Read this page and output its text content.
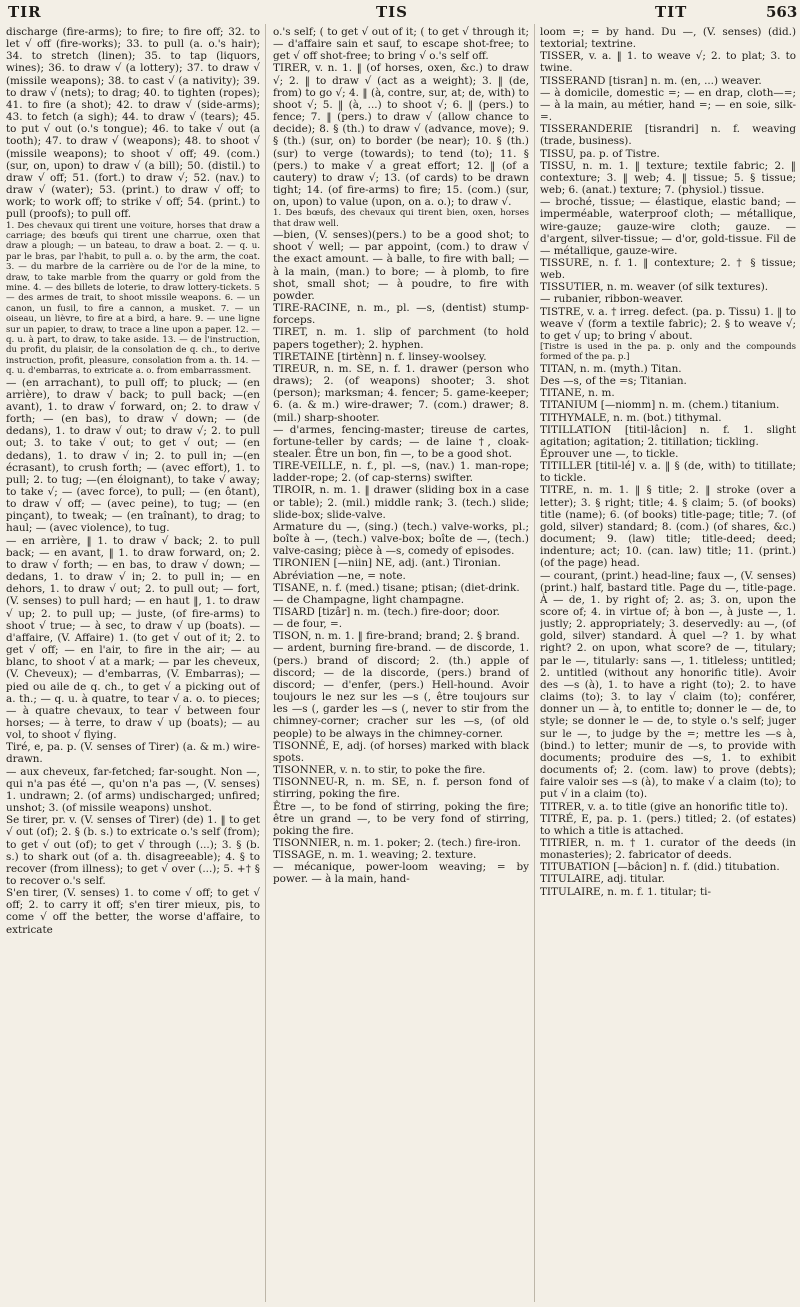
TIR	TIS	TIT	563

discharge (fire-arms); to fire; to fire off; 32. to let √ off (fire-works); 33. to pull (a. o.'s hair); 34. to stretch (linen); 35. to tap (liquors, wines); 36. to draw √ (a lottery); 37. to draw √ (missile weapons); 38. to cast √ (a nativity); 39. to draw √ (nets); to drag; 40. to tighten (ropes); 41. to fire (a shot); 42. to draw √ (side-arms); 43. to fetch (a sigh); 44. to draw √ (tears); 45. to put √ out (o.'s tongue); 46. to take √ out (a tooth); 47. to draw √ (weapons); 48. to shoot √ (missile weapons); to shoot √ off; 49. (com.) (sur, on, upon) to draw √ (a bill); 50. (distil.) to draw √ off; 51. (fort.) to draw √; 52. (nav.) to draw √ (water); 53. (print.) to draw √ off; to work; to work off; to strike √ off; 54. (print.) to pull (proofs); to pull off.

1. Des chevaux qui tirent une voiture, horses that draw a carriage; des bœufs qui tirent une charrue, oxen that draw a plough; — un bateau, to draw a boat. 2. — q. u. par le bras, par l'habit, to pull a. o. by the arm, the coat. 3. — du marbre de la carrière ou de l'or de la mine, to draw, to take marble from the quarry or gold from the mine. 4. — des billets de loterie, to draw lottery-tickets. 5 — des armes de trait, to shoot missile weapons. 6. — un canon, un fusil, to fire a cannon, a musket. 7. — un oiseau, un lièvre, to fire at a bird, a hare. 9. — une ligne sur un papier, to draw, to trace a line upon a paper. 12. — q. u. à part, to draw, to take aside. 13. — de l'instruction, du profit, du plaisir, de la consolation de q. ch., to derive instruction, profit, pleasure, consolation from a. th. 14. — q. u. d'embarras, to extricate a. o. from embarrassment.

— (en arrachant), to pull off; to pluck; — (en arrière), to draw √ back; to pull back; —(en avant), 1. to draw √ forward, on; 2. to draw √ forth; — (en bas), to draw √ down; — (de dedans), 1. to draw √ out; to draw √; 2. to pull out; 3. to take √ out; to get √ out; — (en dedans), 1. to draw √ in; 2. to pull in; —(en écrasant), to crush forth; — (avec effort), 1. to pull; 2. to tug; —(en éloignant), to take √ away; to take √; — (avec force), to pull; — (en ôtant), to draw √ off; — (avec peine), to tug; — (en pinçant), to tweak; — (en traînant), to drag; to haul; — (avec violence), to tug.

— en arrière, ‖ 1. to draw √ back; 2. to pull back; — en avant, ‖ 1. to draw forward, on; 2. to draw √ forth; — en bas, to draw √ down; — dedans, 1. to draw √ in; 2. to pull in; — en dehors, 1. to draw √ out; 2. to pull out; — fort, (V. senses) to pull hard; — en haut ‖, 1. to draw √ up; 2. to pull up; — juste, (of fire-arms) to shoot √ true; — à sec, to draw √ up (boats). — d'affaire, (V. Affaire) 1. (to get √ out of it; 2. to get √ off; — en l'air, to fire in the air; — au blanc, to shoot √ at a mark; — par les cheveux, (V. Cheveux); — d'embarras, (V. Embarras); — pied ou aile de q. ch., to get √ a picking out of a. th.; — q. u. à quatre, to tear √ a. o. to pieces; — à quatre chevaux, to tear √ between four horses; — à terre, to draw √ up (boats); — au vol, to shoot √ flying.

Tiré, e, pa. p. (V. senses of Tirer) (a. & m.) wire-drawn.

— aux cheveux, far-fetched; far-sought. Non —, qui n'a pas été —, qu'on n'a pas —, (V. senses) 1. undrawn; 2. (of arms) undischarged; unfired; unshot; 3. (of missile weapons) unshot.

Se tirer, pr. v. (V. senses of Tirer) (de) 1. ‖ to get √ out (of); 2. § (b. s.) to extricate o.'s self (from); to get √ out (of); to get √ through (...); 3. § (b. s.) to shark out (of a. th. disagreeable); 4. § to recover (from illness); to get √ over (...); 5. +† § to recover o.'s self.

S'en tirer, (V. senses) 1. to come √ off; to get √ off; 2. to carry it off; s'en tirer mieux, pis, to come √ off the better, the worse d'affaire, to extricate

o.'s self; ( to get √ out of it; ( to get √ through it; — d'affaire sain et sauf, to escape shot-free; to get √ off shot-free; to bring √ o.'s self off.

TIRER, v. n. 1. ‖ (of horses, oxen, &c.) to draw √; 2. ‖ to draw √ (act as a weight); 3. ‖ (de, from) to go √; 4. ‖ (à, contre, sur, at; de, with) to shoot √; 5. ‖ (à, ...) to shoot √; 6. ‖ (pers.) to fence; 7. ‖ (pers.) to draw √ (allow chance to decide); 8. § (th.) to draw √ (advance, move); 9. § (th.) (sur, on) to border (be near); 10. § (th.) (sur) to verge (towards); to tend (to); 11. § (pers.) to make √ a great effort; 12. ‖ (of a cautery) to draw √; 13. (of cards) to be drawn tight; 14. (of fire-arms) to fire; 15. (com.) (sur, on, upon) to value (upon, on a. o.); to draw √.

1. Des bœufs, des chevaux qui tirent bien, oxen, horses that draw well.

—bien, (V. senses)(pers.) to be a good shot; to shoot √ well; — par appoint, (com.) to draw √ the exact amount. — à balle, to fire with ball; — à la main, (man.) to bore; — à plomb, to fire shot, small shot; — à poudre, to fire with powder.

TIRE-RACINE, n. m., pl. —s, (dentist) stump-forceps.

TIRET, n. m. 1. slip of parchment (to hold papers together); 2. hyphen.

TIRETAINE [tirtènn] n. f. linsey-woolsey.

TIREUR, n. m. SE, n. f. 1. drawer (person who draws); 2. (of weapons) shooter; 3. shot (person); marksman; 4. fencer; 5. game-keeper; 6. (a. & m.) wire-drawer; 7. (com.) drawer; 8. (mil.) sharp-shooter.

— d'armes, fencing-master; tireuse de cartes, fortune-teller by cards; — de laine †, cloak-stealer. Être un bon, fin —, to be a good shot.

TIRE-VEILLE, n. f., pl. —s, (nav.) 1. man-rope; ladder-rope; 2. (of cap-sterns) swifter.

TIROIR, n. m. 1. ‖ drawer (sliding box in a case or table); 2. (mil.) middle rank; 3. (tech.) slide; slide-box; slide-valve.

Armature du —, (sing.) (tech.) valve-works, pl.; boîte à —, (tech.) valve-box; boîte de —, (tech.) valve-casing; pièce à —s, comedy of episodes.

TIRONIEN [—niin] NE, adj. (ant.) Tironian.

Abréviation —ne, = note.

TISANE, n. f. (med.) tisane; ptisan; (diet-drink.

— de Champagne, light champagne.

TISARD [tizâr] n. m. (tech.) fire-door; door.

— de four, =.

TISON, n. m. 1. ‖ fire-brand; brand; 2. § brand.

— ardent, burning fire-brand. — de discorde, 1. (pers.) brand of discord; 2. (th.) apple of discord; — de la discorde, (pers.) brand of discord; — d'enfer, (pers.) Hell-hound. Avoir toujours le nez sur les —s (, être toujours sur les —s (, garder les —s (, never to stir from the chimney-corner; cracher sur les —s, (of old people) to be always in the chimney-corner.

TISONNÉ, E, adj. (of horses) marked with black spots.

TISONNER, v. n. to stir, to poke the fire.

TISONNEU-R, n. m. SE, n. f. person fond of stirring, poking the fire.

Être —, to be fond of stirring, poking the fire; être un grand —, to be very fond of stirring, poking the fire.

TISONNIER, n. m. 1. poker; 2. (tech.) fire-iron.

TISSAGE, n. m. 1. weaving; 2. texture.

— mécanique, power-loom weaving; = by power. — à la main, hand-

loom =; = by hand. Du —, (V. senses) (did.) textorial; textrine.

TISSER, v. a. ‖ 1. to weave √; 2. to plat; 3. to twine.

TISSERAND [tisran] n. m. (en, ...) weaver.

— à domicile, domestic =; — en drap, cloth—=; — à la main, au métier, hand =; — en soie, silk-=.

TISSERANDERIE [tisrandri] n. f. weaving (trade, business).

TISSU, pa. p. of Tistre.

TISSU, n. m. 1. ‖ texture; textile fabric; 2. ‖ contexture; 3. ‖ web; 4. ‖ tissue; 5. § tissue; web; 6. (anat.) texture; 7. (physiol.) tissue.

— broché, tissue; — élastique, elastic band; — imperméable, waterproof cloth; — métallique, wire-gauze; gauze-wire cloth; gauze. — d'argent, silver-tissue; — d'or, gold-tissue. Fil de — métallique, gauze-wire.

TISSURE, n. f. 1. ‖ contexture; 2. † § tissue; web.

TISSUTIER, n. m. weaver (of silk textures).

— rubanier, ribbon-weaver.

TISTRE, v. a. † irreg. defect. (pa. p. Tissu) 1. ‖ to weave √ (form a textile fabric); 2. § to weave √; to get √ up; to bring √ about.

[Tistre is used in the pa. p. only and the compounds formed of the pa. p.]

TITAN, n. m. (myth.) Titan.

Des —s, of the =s; Titanian.

TITANE, n. m.

TITANIUM [—niomm] n. m. (chem.) titanium.

TITHYMALE, n. m. (bot.) tithymal.

TITILLATION [titil-lâcion] n. f. 1. slight agitation; agitation; 2. titillation; tickling.

Éprouver une —, to tickle.

TITILLER [titil-lé] v. a. ‖ § (de, with) to titillate; to tickle.

TITRE, n. m. 1. ‖ § title; 2. ‖ stroke (over a letter); 3. § right; title; 4. § claim; 5. (of books) title (name); 6. (of books) title-page; title; 7. (of gold, silver) standard; 8. (com.) (of shares, &c.) document; 9. (law) title; title-deed; deed; indenture; act; 10. (can. law) title; 11. (print.) (of the page) head.

— courant, (print.) head-line; faux —, (V. senses) (print.) half, bastard title. Page du —, title-page. À — de, 1. by right of; 2. as; 3. on, upon the score of; 4. in virtue of; à bon —, à juste —, 1. justly; 2. appropriately; 3. deservedly: au —, (of gold, silver) standard. À quel —? 1. by what right? 2. on upon, what score? de —, titulary; par le —, titularly: sans —, 1. titleless; untitled; 2. untitled (without any honorific title). Avoir des —s (à), 1. to have a right (to); 2. to have claims (to); 3. to lay √ claim (to); conférer, donner un — à, to entitle to; donner le — de, to style; se donner le — de, to style o.'s self; juger sur le —, to judge by the =; mettre les —s à, (bind.) to letter; munir de —s, to provide with documents; produire des —s, 1. to exhibit documents of; 2. (com. law) to prove (debts); faire valoir ses —s (à), to make √ a claim (to); to put √ in a claim (to).

TITRER, v. a. to title (give an honorific title to).

TITRÉ, E, pa. p. 1. (pers.) titled; 2. (of estates) to which a title is attached.

TITRIER, n. m. † 1. curator of the deeds (in monasteries); 2. fabricator of deeds.

TITUBATION [—bâcion] n. f. (did.) titubation.

TITULAIRE, adj. titular.

TITULAIRE, n. m. f. 1. titular; ti-
